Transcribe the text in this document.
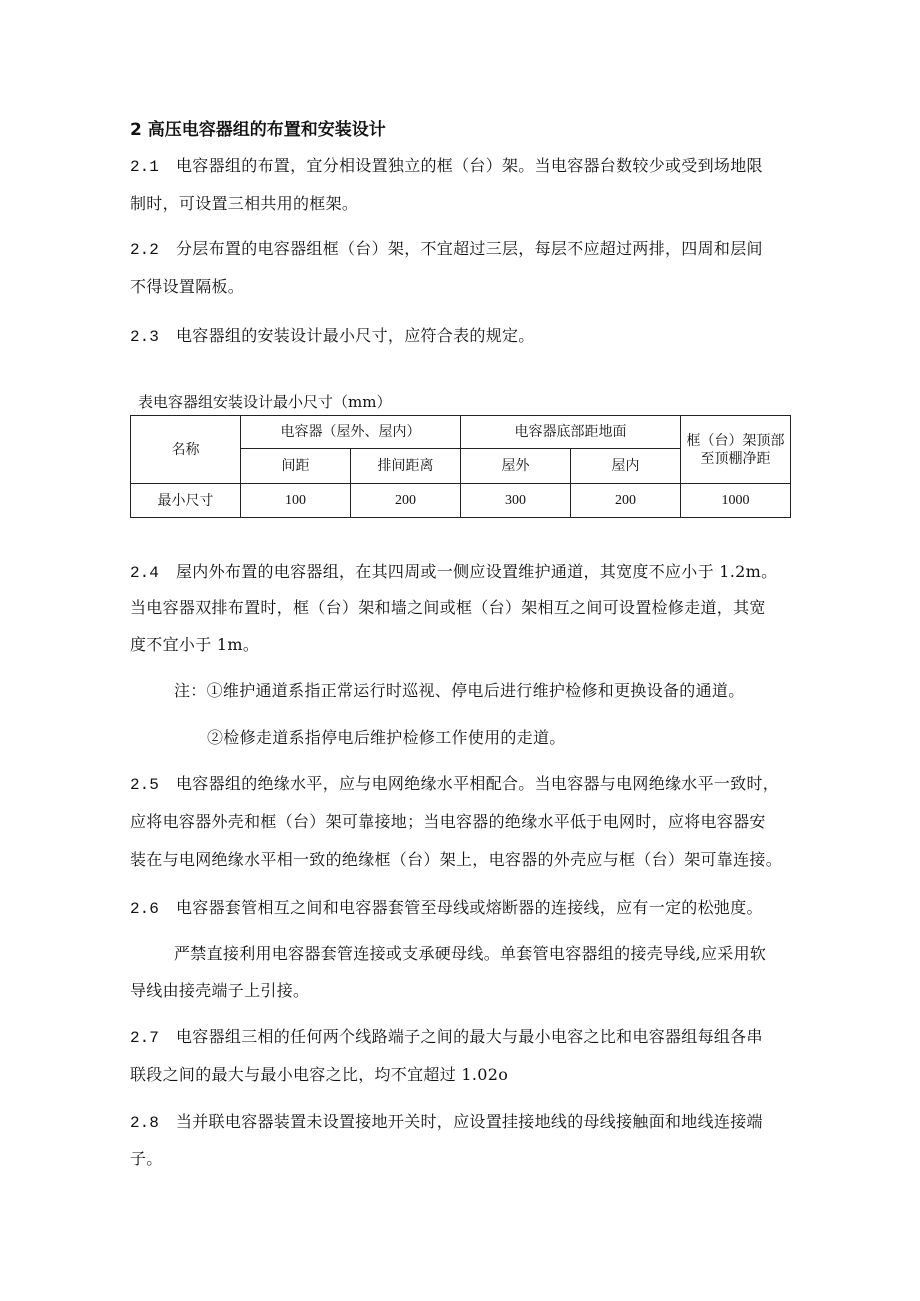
2 高压电容器组的布置和安装设计
2.1 电容器组的布置，宜分相设置独立的框（台）架。当电容器台数较少或受到场地限
制时，可设置三相共用的框架。
2.2 分层布置的电容器组框（台）架，不宜超过三层，每层不应超过两排，四周和层间
不得设置隔板。
2.3 电容器组的安装设计最小尺寸，应符合表的规定。
表电容器组安装设计最小尺寸（mm）
名称	电容器（屋外、屋内）		电容器底部距地面		框（台）架顶部
至顶棚净距

	间距	排间距离	屋外	屋内	
最小尺寸	100	200	300	200	1000
2.4 屋内外布置的电容器组，在其四周或一侧应设置维护通道，其宽度不应小于 1.2m。
当电容器双排布置时，框（台）架和墙之间或框（台）架相互之间可设置检修走道，其宽
度不宜小于 1m。
注：①维护通道系指正常运行时巡视、停电后进行维护检修和更换设备的通道。
②检修走道系指停电后维护检修工作使用的走道。
2.5 电容器组的绝缘水平，应与电网绝缘水平相配合。当电容器与电网绝缘水平一致时，
应将电容器外壳和框（台）架可靠接地；当电容器的绝缘水平低于电网时，应将电容器安
装在与电网绝缘水平相一致的绝缘框（台）架上，电容器的外壳应与框（台）架可靠连接。
2.6 电容器套管相互之间和电容器套管至母线或熔断器的连接线，应有一定的松弛度。
严禁直接利用电容器套管连接或支承硬母线。单套管电容器组的接壳导线,应采用软
导线由接壳端子上引接。
2.7 电容器组三相的任何两个线路端子之间的最大与最小电容之比和电容器组每组各串
联段之间的最大与最小电容之比，均不宜超过 1.02o
2.8 当并联电容器装置未设置接地开关时，应设置挂接地线的母线接触面和地线连接端
子。
